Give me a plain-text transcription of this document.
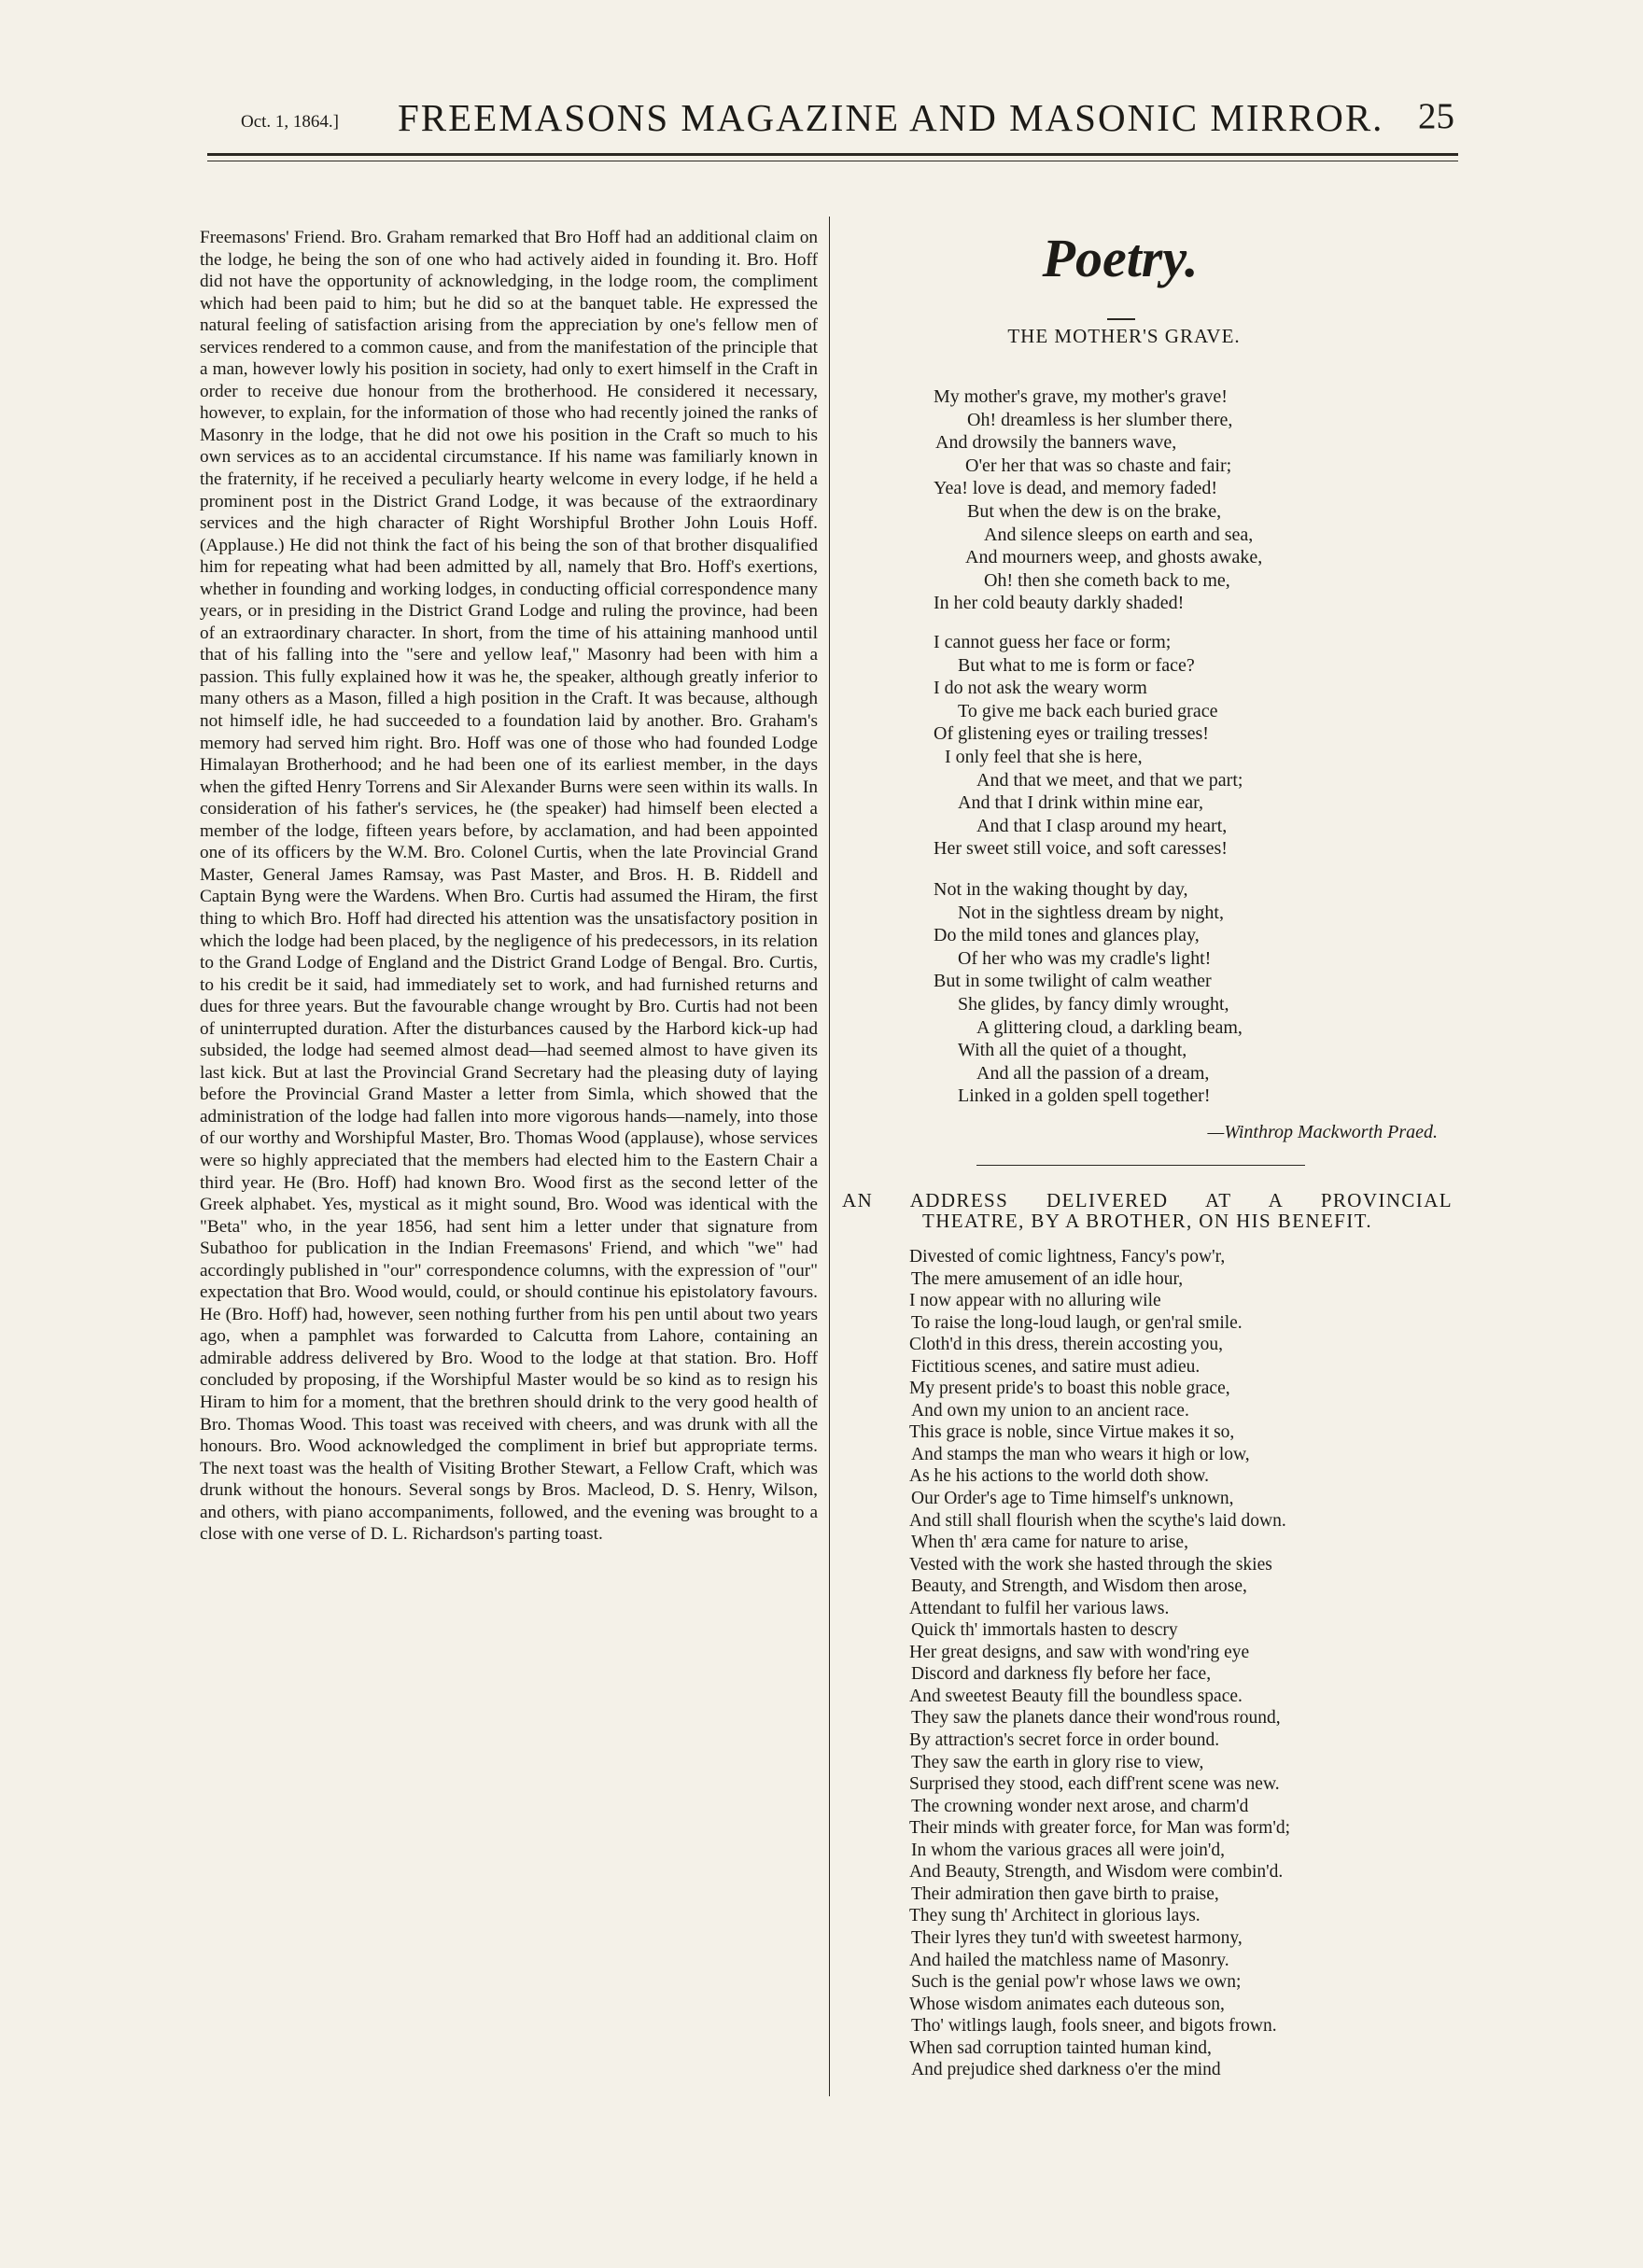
Oct. 1, 1864.] FREEMASONS MAGAZINE AND MASONIC MIRROR. 25
Freemasons' Friend. Bro. Graham remarked that Bro Hoff had an additional claim on the lodge, he being the son of one who had actively aided in founding it. Bro. Hoff did not have the opportunity of acknowledging, in the lodge room, the compliment which had been paid to him; but he did so at the banquet table. He expressed the natural feeling of satisfaction arising from the appreciation by one's fellow men of services rendered to a common cause, and from the manifestation of the principle that a man, however lowly his position in society, had only to exert himself in the Craft in order to receive due honour from the brotherhood. He considered it necessary, however, to explain, for the information of those who had recently joined the ranks of Masonry in the lodge, that he did not owe his position in the Craft so much to his own services as to an accidental circumstance. If his name was familiarly known in the fraternity, if he received a peculiarly hearty welcome in every lodge, if he held a prominent post in the District Grand Lodge, it was because of the extraordinary services and the high character of Right Worshipful Brother John Louis Hoff. (Applause.) He did not think the fact of his being the son of that brother disqualified him for repeating what had been admitted by all, namely that Bro. Hoff's exertions, whether in founding and working lodges, in conducting official correspondence many years, or in presiding in the District Grand Lodge and ruling the province, had been of an extraordinary character. In short, from the time of his attaining manhood until that of his falling into the "sere and yellow leaf," Masonry had been with him a passion. This fully explained how it was he, the speaker, although greatly inferior to many others as a Mason, filled a high position in the Craft. It was because, although not himself idle, he had succeeded to a foundation laid by another. Bro. Graham's memory had served him right. Bro. Hoff was one of those who had founded Lodge Himalayan Brotherhood; and he had been one of its earliest member, in the days when the gifted Henry Torrens and Sir Alexander Burns were seen within its walls. In consideration of his father's services, he (the speaker) had himself been elected a member of the lodge, fifteen years before, by acclamation, and had been appointed one of its officers by the W.M. Bro. Colonel Curtis, when the late Provincial Grand Master, General James Ramsay, was Past Master, and Bros. H. B. Riddell and Captain Byng were the Wardens. When Bro. Curtis had assumed the Hiram, the first thing to which Bro. Hoff had directed his attention was the unsatisfactory position in which the lodge had been placed, by the negligence of his predecessors, in its relation to the Grand Lodge of England and the District Grand Lodge of Bengal. Bro. Curtis, to his credit be it said, had immediately set to work, and had furnished returns and dues for three years. But the favourable change wrought by Bro. Curtis had not been of uninterrupted duration. After the disturbances caused by the Harbord kick-up had subsided, the lodge had seemed almost dead—had seemed almost to have given its last kick. But at last the Provincial Grand Secretary had the pleasing duty of laying before the Provincial Grand Master a letter from Simla, which showed that the administration of the lodge had fallen into more vigorous hands—namely, into those of our worthy and Worshipful Master, Bro. Thomas Wood (applause), whose services were so highly appreciated that the members had elected him to the Eastern Chair a third year. He (Bro. Hoff) had known Bro. Wood first as the second letter of the Greek alphabet. Yes, mystical as it might sound, Bro. Wood was identical with the "Beta" who, in the year 1856, had sent him a letter under that signature from Subathoo for publication in the Indian Freemasons' Friend, and which "we" had accordingly published in "our" correspondence columns, with the expression of "our" expectation that Bro. Wood would, could, or should continue his epistolatory favours. He (Bro. Hoff) had, however, seen nothing further from his pen until about two years ago, when a pamphlet was forwarded to Calcutta from Lahore, containing an admirable address delivered by Bro. Wood to the lodge at that station. Bro. Hoff concluded by proposing, if the Worshipful Master would be so kind as to resign his Hiram to him for a moment, that the brethren should drink to the very good health of Bro. Thomas Wood. This toast was received with cheers, and was drunk with all the honours. Bro. Wood acknowledged the compliment in brief but appropriate terms. The next toast was the health of Visiting Brother Stewart, a Fellow Craft, which was drunk without the honours. Several songs by Bros. Macleod, D. S. Henry, Wilson, and others, with piano accompaniments, followed, and the evening was brought to a close with one verse of D. L. Richardson's parting toast.
Poetry.
THE MOTHER'S GRAVE.
My mother's grave, my mother's grave!
Oh! dreamless is her slumber there,
And drowsily the banners wave,
O'er her that was so chaste and fair;
Yea! love is dead, and memory faded!
But when the dew is on the brake,
And silence sleeps on earth and sea,
And mourners weep, and ghosts awake,
Oh! then she cometh back to me,
In her cold beauty darkly shaded!
I cannot guess her face or form;
But what to me is form or face?
I do not ask the weary worm
To give me back each buried grace
Of glistening eyes or trailing tresses!
I only feel that she is here,
And that we meet, and that we part;
And that I drink within mine ear,
And that I clasp around my heart,
Her sweet still voice, and soft caresses!
Not in the waking thought by day,
Not in the sightless dream by night,
Do the mild tones and glances play,
Of her who was my cradle's light!
But in some twilight of calm weather
She glides, by fancy dimly wrought,
A glittering cloud, a darkling beam,
With all the quiet of a thought,
And all the passion of a dream,
Linked in a golden spell together!
—Winthrop Mackworth Praed.
AN ADDRESS DELIVERED AT A PROVINCIAL
THEATRE, BY A BROTHER, ON HIS BENEFIT.
Divested of comic lightness, Fancy's pow'r,
The mere amusement of an idle hour,
I now appear with no alluring wile
To raise the long-loud laugh, or gen'ral smile.
Cloth'd in this dress, therein accosting you,
Fictitious scenes, and satire must adieu.
My present pride's to boast this noble grace,
And own my union to an ancient race.
This grace is noble, since Virtue makes it so,
And stamps the man who wears it high or low,
As he his actions to the world doth show.
Our Order's age to Time himself's unknown,
And still shall flourish when the scythe's laid down.
When th' æra came for nature to arise,
Vested with the work she hasted through the skies
Beauty, and Strength, and Wisdom then arose,
Attendant to fulfil her various laws.
Quick th' immortals hasten to descry
Her great designs, and saw with wond'ring eye
Discord and darkness fly before her face,
And sweetest Beauty fill the boundless space.
They saw the planets dance their wond'rous round,
By attraction's secret force in order bound.
They saw the earth in glory rise to view,
Surprised they stood, each diff'rent scene was new.
The crowning wonder next arose, and charm'd
Their minds with greater force, for Man was form'd;
In whom the various graces all were join'd,
And Beauty, Strength, and Wisdom were combin'd.
Their admiration then gave birth to praise,
They sung th' Architect in glorious lays.
Their lyres they tun'd with sweetest harmony,
And hailed the matchless name of Masonry.
Such is the genial pow'r whose laws we own;
Whose wisdom animates each duteous son,
Tho' witlings laugh, fools sneer, and bigots frown.
When sad corruption tainted human kind,
And prejudice shed darkness o'er the mind
